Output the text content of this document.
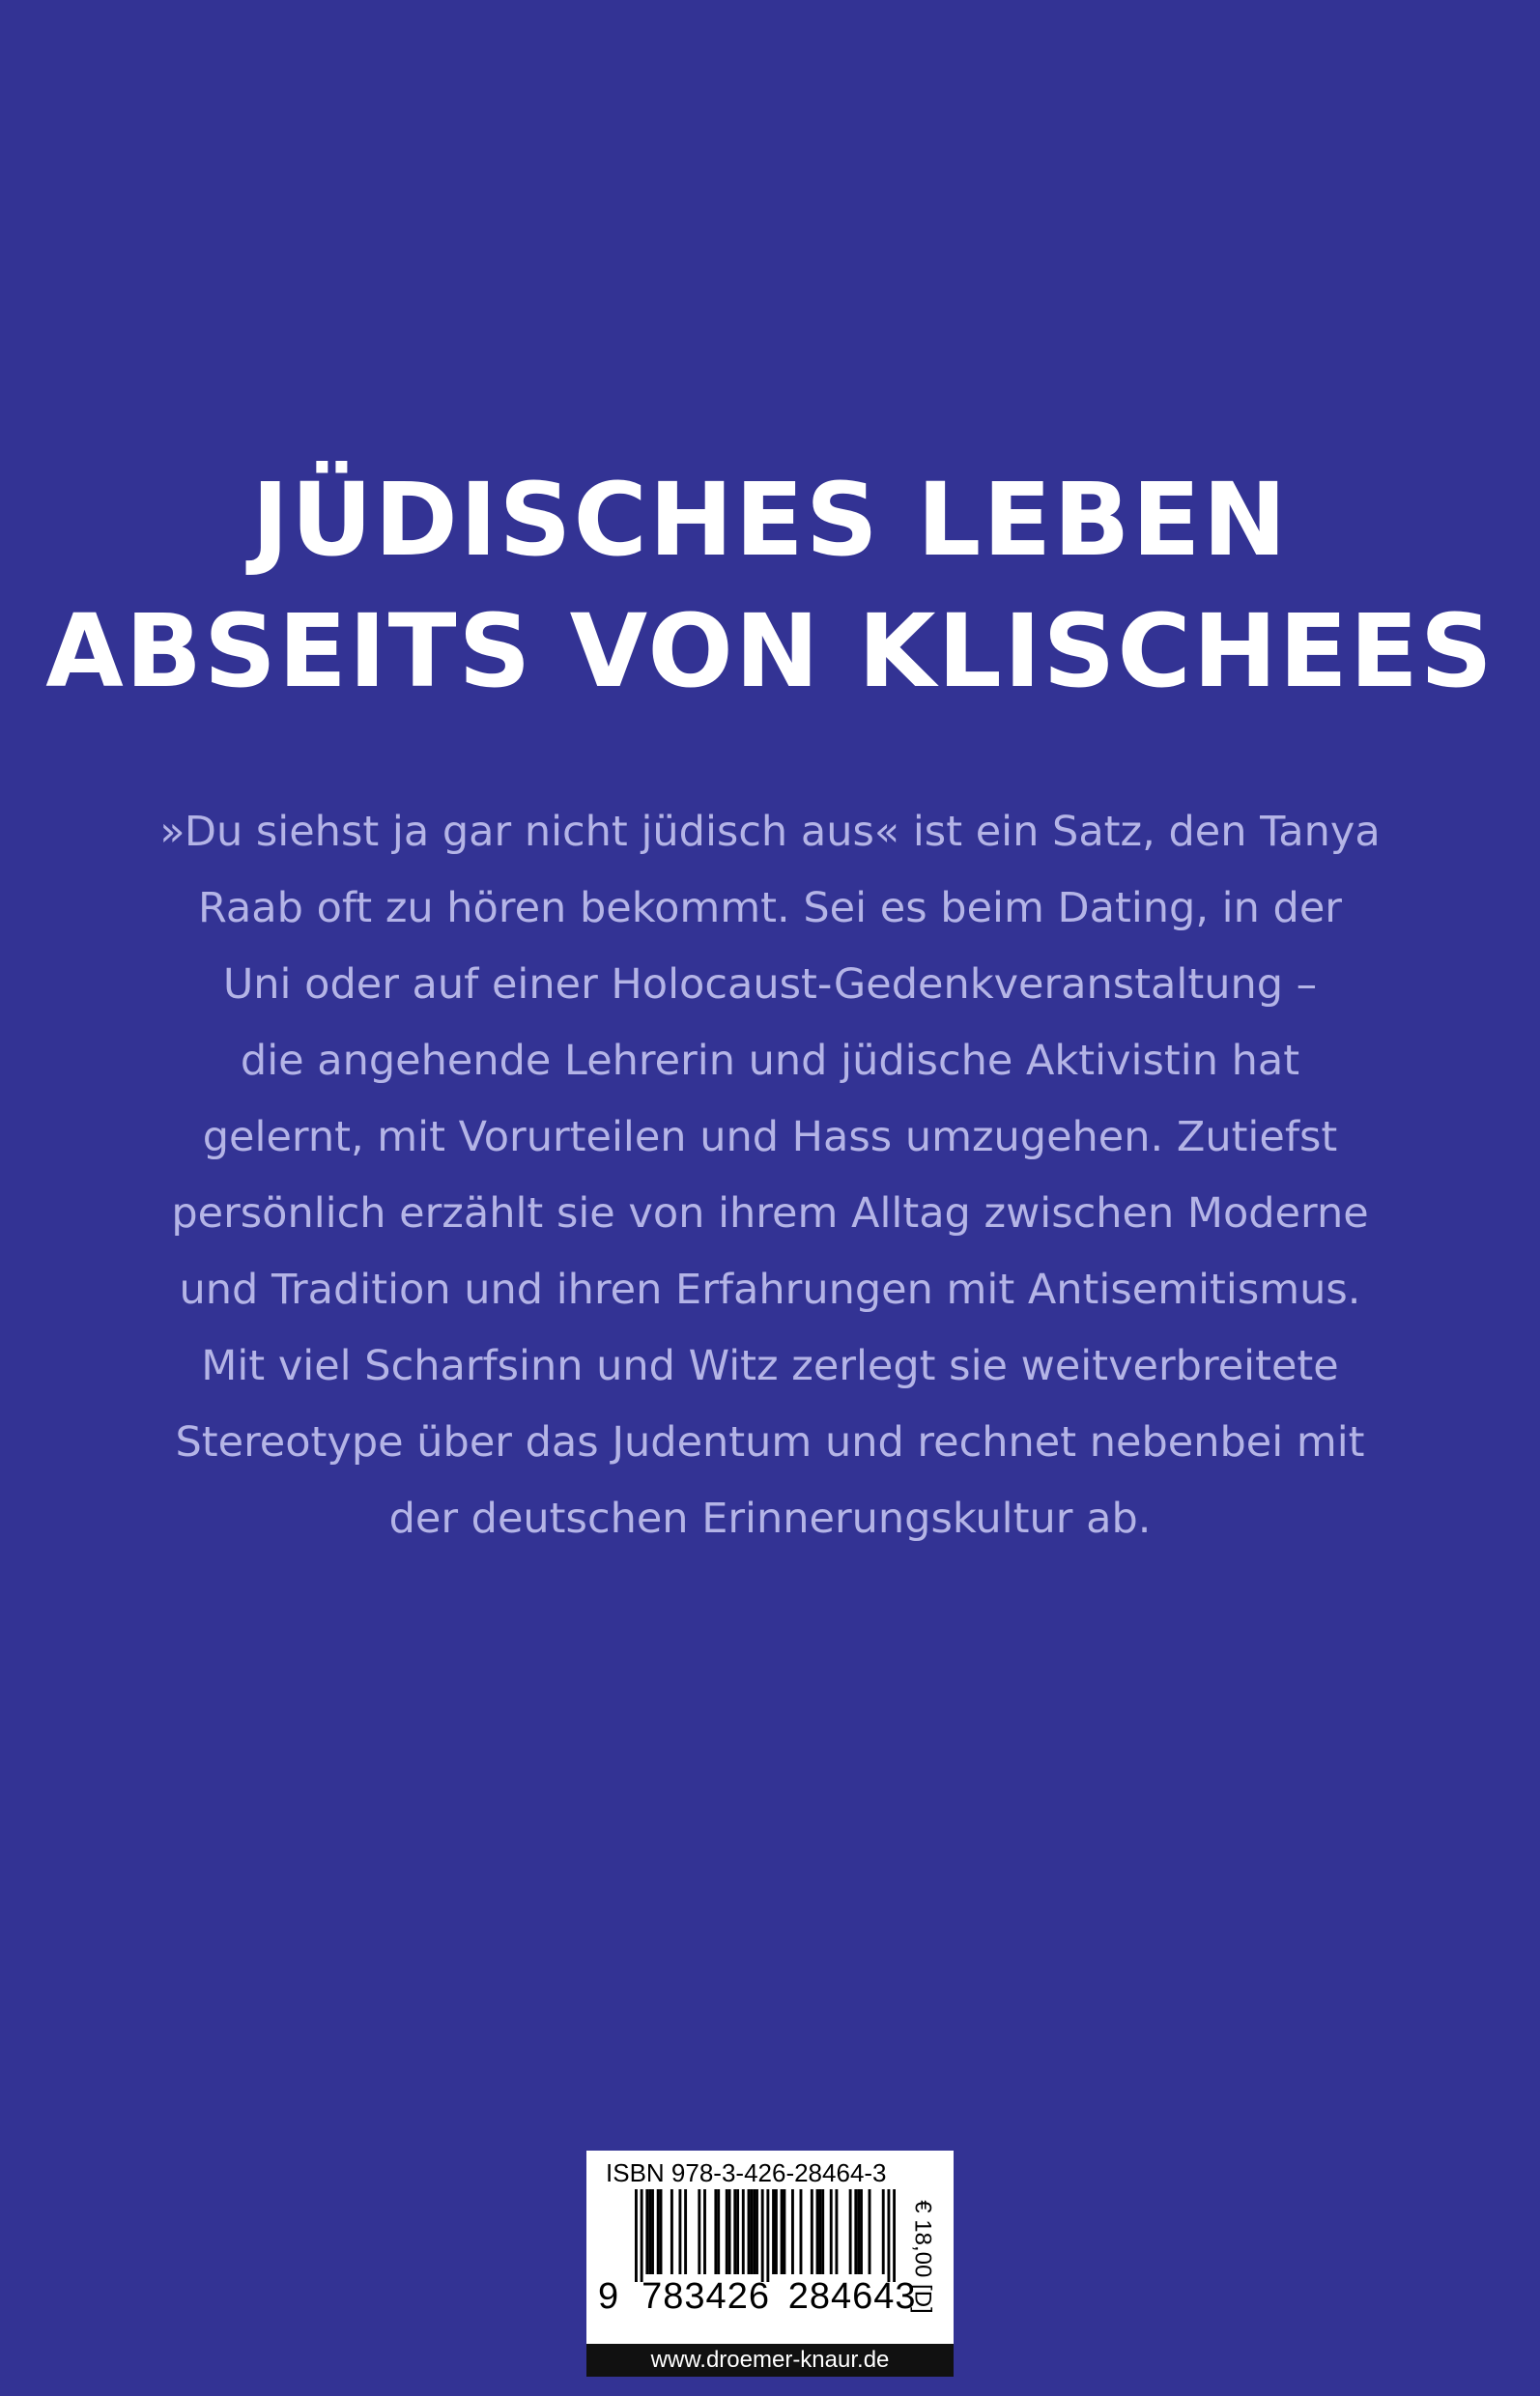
JÜDISCHES LEBEN
ABSEITS VON KLISCHEES
»Du siehst ja gar nicht jüdisch aus« ist ein Satz, den Tanya
Raab oft zu hören bekommt. Sei es beim Dating, in der
Uni oder auf einer Holocaust-Gedenkveranstaltung –
die angehende Lehrerin und jüdische Aktivistin hat
gelernt, mit Vorurteilen und Hass umzugehen. Zutiefst
persönlich erzählt sie von ihrem Alltag zwischen Moderne
und Tradition und ihren Erfahrungen mit Antisemitismus.
Mit viel Scharfsinn und Witz zerlegt sie weitverbreitete
Stereotype über das Judentum und rechnet nebenbei mit
der deutschen Erinnerungskultur ab.
ISBN 978-3-426-28464-3
9 783426 284643
€ 18,00 [D]
www.droemer-knaur.de
